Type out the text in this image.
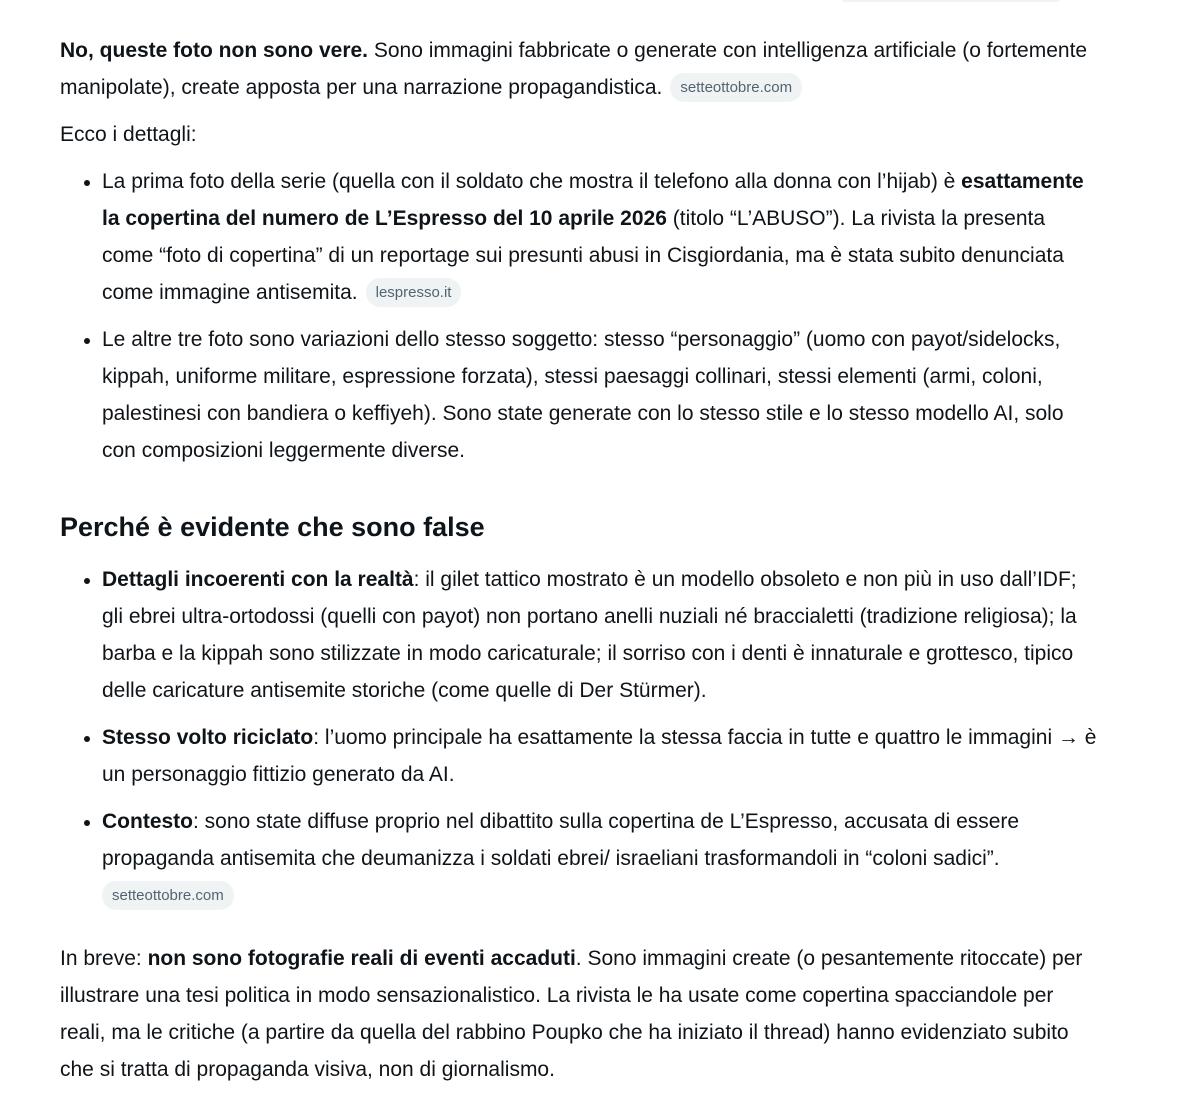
No, queste foto non sono vere. Sono immagini fabbricate o generate con intelligenza artificiale (o fortemente manipolate), create apposta per una narrazione propagandistica. setteottobre.com

Ecco i dettagli:

• La prima foto della serie (quella con il soldato che mostra il telefono alla donna con l’hijab) è esattamente la copertina del numero de L’Espresso del 10 aprile 2026 (titolo “L’ABUSO”). La rivista la presenta come “foto di copertina” di un reportage sui presunti abusi in Cisgiordania, ma è stata subito denunciata come immagine antisemita. lespresso.it
• Le altre tre foto sono variazioni dello stesso soggetto: stesso “personaggio” (uomo con payot/sidelocks, kippah, uniforme militare, espressione forzata), stessi paesaggi collinari, stessi elementi (armi, coloni, palestinesi con bandiera o keffiyeh). Sono state generate con lo stesso stile e lo stesso modello AI, solo con composizioni leggermente diverse.
Perché è evidente che sono false
• Dettagli incoerenti con la realtà: il gilet tattico mostrato è un modello obsoleto e non più in uso dall’IDF; gli ebrei ultra-ortodossi (quelli con payot) non portano anelli nuziali né braccialetti (tradizione religiosa); la barba e la kippah sono stilizzate in modo caricaturale; il sorriso con i denti è innaturale e grottesco, tipico delle caricature antisemite storiche (come quelle di Der Stürmer).
• Stesso volto riciclato: l’uomo principale ha esattamente la stessa faccia in tutte e quattro le immagini → è un personaggio fittizio generato da AI.
• Contesto: sono state diffuse proprio nel dibattito sulla copertina de L’Espresso, accusata di essere propaganda antisemita che deumanizza i soldati ebrei/ israeliani trasformandoli in “coloni sadici”.
setteottobre.com

In breve: non sono fotografie reali di eventi accaduti. Sono immagini create (o pesantemente ritoccate) per illustrare una tesi politica in modo sensazionalistico. La rivista le ha usate come copertina spacciandole per reali, ma le critiche (a partire da quella del rabbino Poupko che ha iniziato il thread) hanno evidenziato subito che si tratta di propaganda visiva, non di giornalismo.
